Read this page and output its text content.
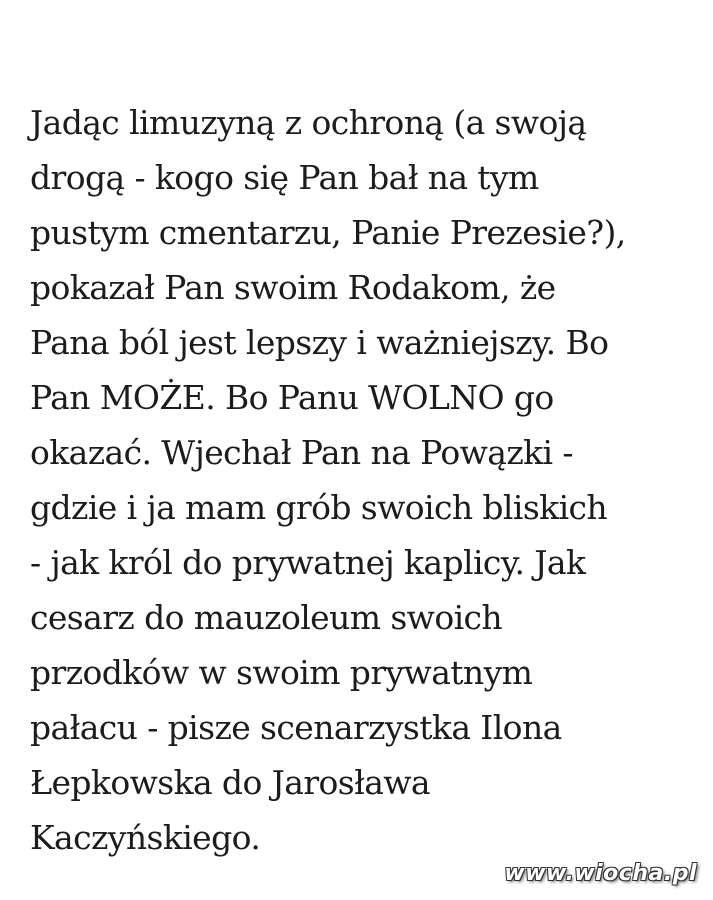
Jadąc limuzyną z ochroną (a swoją
drogą - kogo się Pan bał na tym
pustym cmentarzu, Panie Prezesie?),
pokazał Pan swoim Rodakom, że
Pana ból jest lepszy i ważniejszy. Bo
Pan MOŻE. Bo Panu WOLNO go
okazać. Wjechał Pan na Powązki -
gdzie i ja mam grób swoich bliskich
- jak król do prywatnej kaplicy. Jak
cesarz do mauzoleum swoich
przodków w swoim prywatnym
pałacu - pisze scenarzystka Ilona
Łepkowska do Jarosława
Kaczyńskiego.
www.wiocha.pl
